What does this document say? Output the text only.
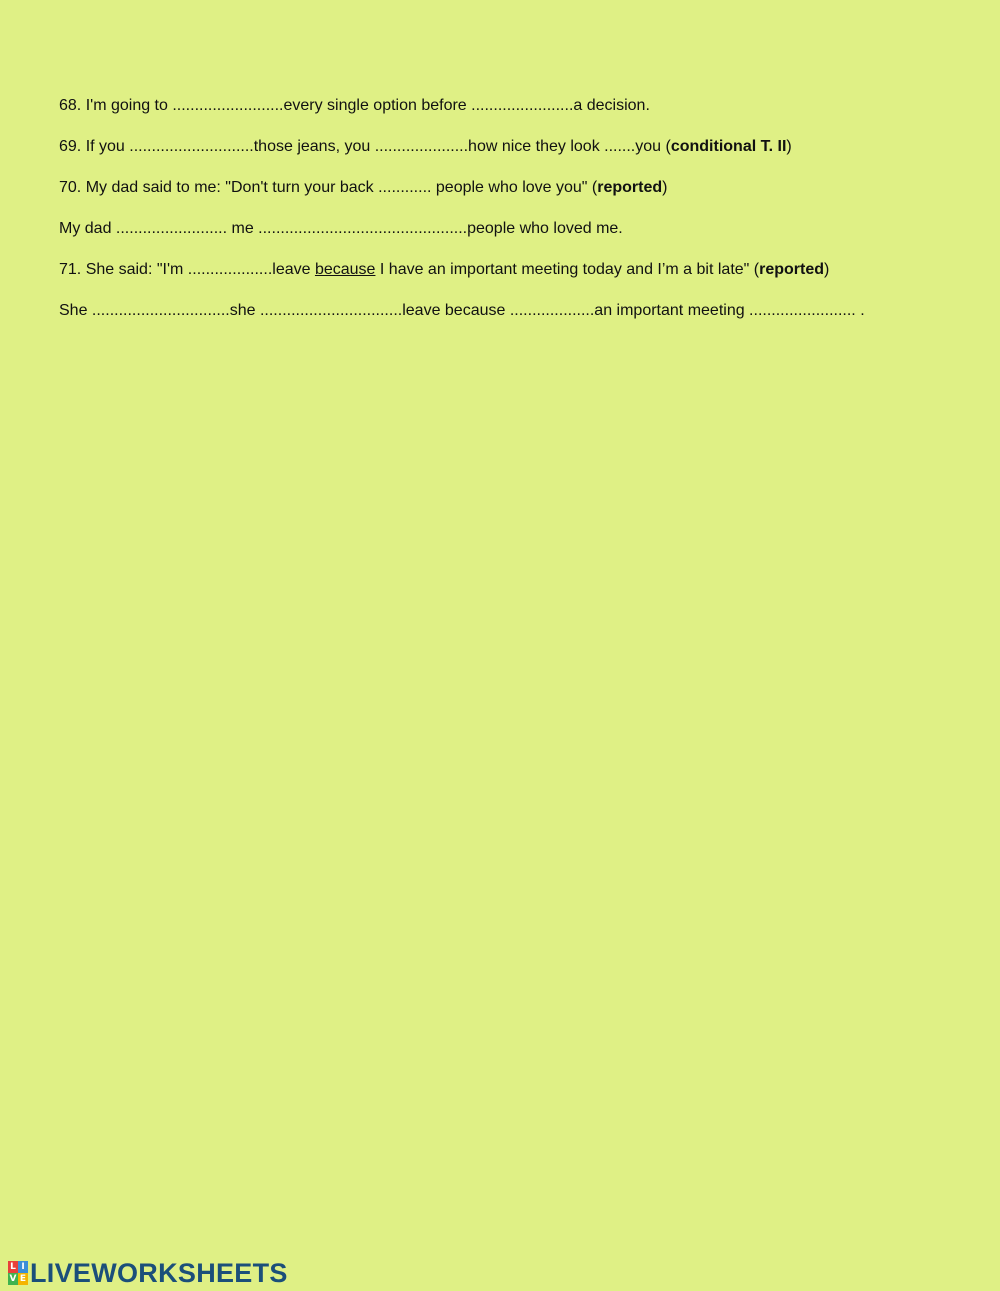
68. I'm going to .........................every single option before .......................a decision.
69. If you ............................those jeans, you .....................how nice they look .......you (conditional T. II)
70. My dad said to me: "Don't turn your back ............ people who love you" (reported)
My dad ......................... me ...............................................people who loved me.
71. She said: "I'm ...................leave because I have an important meeting today and I’m a bit late" (reported)
She ...............................she ................................leave because ...................an important meeting ........................ .
L I
V E LIVEWORKSHEETS
